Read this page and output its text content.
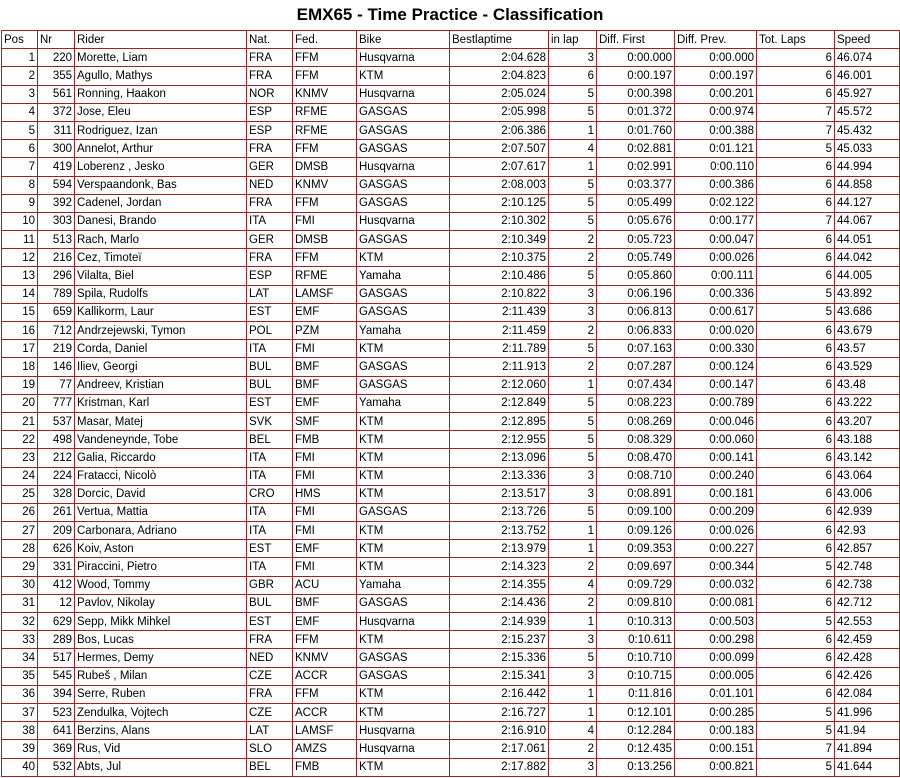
EMX65 - Time Practice - Classification
Pos	Nr	Rider	Nat.	Fed.	Bike	Bestlaptime	in lap	Diff. First	Diff. Prev.	Tot. Laps	Speed
1	220	Morette, Liam	FRA	FFM	Husqvarna	2:04.628	3	0:00.000	0:00.000	6	46.074
2	355	Agullo, Mathys	FRA	FFM	KTM	2:04.823	6	0:00.197	0:00.197	6	46.001
3	561	Ronning, Haakon	NOR	KNMV	Husqvarna	2:05.024	5	0:00.398	0:00.201	6	45.927
4	372	Jose, Eleu	ESP	RFME	GASGAS	2:05.998	5	0:01.372	0:00.974	7	45.572
5	311	Rodriguez, Izan	ESP	RFME	GASGAS	2:06.386	1	0:01.760	0:00.388	7	45.432
6	300	Annelot, Arthur	FRA	FFM	GASGAS	2:07.507	4	0:02.881	0:01.121	5	45.033
7	419	Loberenz , Jesko	GER	DMSB	Husqvarna	2:07.617	1	0:02.991	0:00.110	6	44.994
8	594	Verspaandonk, Bas	NED	KNMV	GASGAS	2:08.003	5	0:03.377	0:00.386	6	44.858
9	392	Cadenel, Jordan	FRA	FFM	GASGAS	2:10.125	5	0:05.499	0:02.122	6	44.127
10	303	Danesi, Brando	ITA	FMI	Husqvarna	2:10.302	5	0:05.676	0:00.177	7	44.067
11	513	Rach, Marlo	GER	DMSB	GASGAS	2:10.349	2	0:05.723	0:00.047	6	44.051
12	216	Cez, Timoteï	FRA	FFM	KTM	2:10.375	2	0:05.749	0:00.026	6	44.042
13	296	Vilalta, Biel	ESP	RFME	Yamaha	2:10.486	5	0:05.860	0:00.111	6	44.005
14	789	Spila, Rudolfs	LAT	LAMSF	GASGAS	2:10.822	3	0:06.196	0:00.336	5	43.892
15	659	Kallikorm, Laur	EST	EMF	GASGAS	2:11.439	3	0:06.813	0:00.617	5	43.686
16	712	Andrzejewski, Tymon	POL	PZM	Yamaha	2:11.459	2	0:06.833	0:00.020	6	43.679
17	219	Corda, Daniel	ITA	FMI	KTM	2:11.789	5	0:07.163	0:00.330	6	43.57
18	146	Iliev, Georgi	BUL	BMF	GASGAS	2:11.913	2	0:07.287	0:00.124	6	43.529
19	77	Andreev, Kristian	BUL	BMF	GASGAS	2:12.060	1	0:07.434	0:00.147	6	43.48
20	777	Kristman, Karl	EST	EMF	Yamaha	2:12.849	5	0:08.223	0:00.789	6	43.222
21	537	Masar, Matej	SVK	SMF	KTM	2:12.895	5	0:08.269	0:00.046	6	43.207
22	498	Vandeneynde, Tobe	BEL	FMB	KTM	2:12.955	5	0:08.329	0:00.060	6	43.188
23	212	Galia, Riccardo	ITA	FMI	KTM	2:13.096	5	0:08.470	0:00.141	6	43.142
24	224	Fratacci, Nicolò	ITA	FMI	KTM	2:13.336	3	0:08.710	0:00.240	6	43.064
25	328	Dorcic, David	CRO	HMS	KTM	2:13.517	3	0:08.891	0:00.181	6	43.006
26	261	Vertua, Mattia	ITA	FMI	GASGAS	2:13.726	5	0:09.100	0:00.209	6	42.939
27	209	Carbonara, Adriano	ITA	FMI	KTM	2:13.752	1	0:09.126	0:00.026	6	42.93
28	626	Koiv, Aston	EST	EMF	KTM	2:13.979	1	0:09.353	0:00.227	6	42.857
29	331	Piraccini, Pietro	ITA	FMI	KTM	2:14.323	2	0:09.697	0:00.344	5	42.748
30	412	Wood, Tommy	GBR	ACU	Yamaha	2:14.355	4	0:09.729	0:00.032	6	42.738
31	12	Pavlov, Nikolay	BUL	BMF	GASGAS	2:14.436	2	0:09.810	0:00.081	6	42.712
32	629	Sepp, Mikk Mihkel	EST	EMF	Husqvarna	2:14.939	1	0:10.313	0:00.503	5	42.553
33	289	Bos, Lucas	FRA	FFM	KTM	2:15.237	3	0:10.611	0:00.298	6	42.459
34	517	Hermes, Demy	NED	KNMV	GASGAS	2:15.336	5	0:10.710	0:00.099	6	42.428
35	545	Rubeš , Milan	CZE	ACCR	GASGAS	2:15.341	3	0:10.715	0:00.005	6	42.426
36	394	Serre, Ruben	FRA	FFM	KTM	2:16.442	1	0:11.816	0:01.101	6	42.084
37	523	Zendulka, Vojtech	CZE	ACCR	KTM	2:16.727	1	0:12.101	0:00.285	5	41.996
38	641	Berzins, Alans	LAT	LAMSF	Husqvarna	2:16.910	4	0:12.284	0:00.183	5	41.94
39	369	Rus, Vid	SLO	AMZS	Husqvarna	2:17.061	2	0:12.435	0:00.151	7	41.894
40	532	Abts, Jul	BEL	FMB	KTM	2:17.882	3	0:13.256	0:00.821	5	41.644
